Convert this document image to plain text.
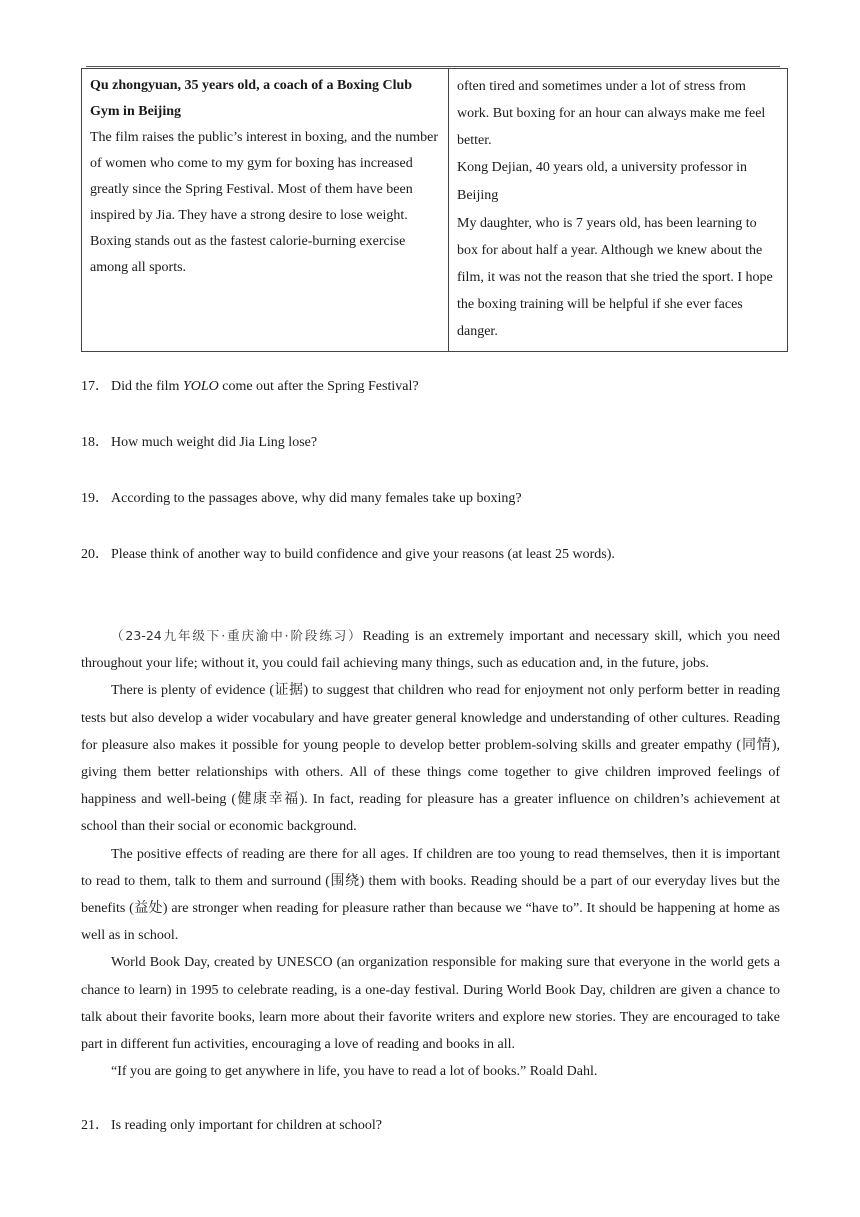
Qu zhongyuan, 35 years old, a coach of a Boxing Club Gym in Beijing
The film raises the public’s interest in boxing, and the number of women who come to my gym for boxing has increased greatly since the Spring Festival. Most of them have been inspired by Jia. They have a strong desire to lose weight. Boxing stands out as the fastest calorie-burning exercise among all sports.

often tired and sometimes under a lot of stress from work. But boxing for an hour can always make me feel better.
Kong Dejian, 40 years old, a university professor in Beijing
My daughter, who is 7 years old, has been learning to box for about half a year. Although we knew about the film, it was not the reason that she tried the sport. I hope the boxing training will be helpful if she ever faces danger.
17． Did the film YOLO come out after the Spring Festival?
18． How much weight did Jia Ling lose?
19． According to the passages above, why did many females take up boxing?
20． Please think of another way to build confidence and give your reasons (at least 25 words).

（23-24九年级下·重庆渝中·阶段练习）Reading is an extremely important and necessary skill, which you need throughout your life; without it, you could fail achieving many things, such as education and, in the future, jobs.

There is plenty of evidence (证据) to suggest that children who read for enjoyment not only perform better in reading tests but also develop a wider vocabulary and have greater general knowledge and understanding of other cultures. Reading for pleasure also makes it possible for young people to develop better problem-solving skills and greater empathy (同情), giving them better relationships with others. All of these things come together to give children improved feelings of happiness and well-being (健康幸福). In fact, reading for pleasure has a greater influence on children’s achievement at school than their social or economic background.

The positive effects of reading are there for all ages. If children are too young to read themselves, then it is important to read to them, talk to them and surround (围绕) them with books. Reading should be a part of our everyday lives but the benefits (益处) are stronger when reading for pleasure rather than because we “have to”. It should be happening at home as well as in school.

World Book Day, created by UNESCO (an organization responsible for making sure that everyone in the world gets a chance to learn) in 1995 to celebrate reading, is a one-day festival. During World Book Day, children are given a chance to talk about their favorite books, learn more about their favorite writers and explore new stories. They are encouraged to take part in different fun activities, encouraging a love of reading and books in all.

“If you are going to get anywhere in life, you have to read a lot of books.” Roald Dahl.

21． Is reading only important for children at school?
